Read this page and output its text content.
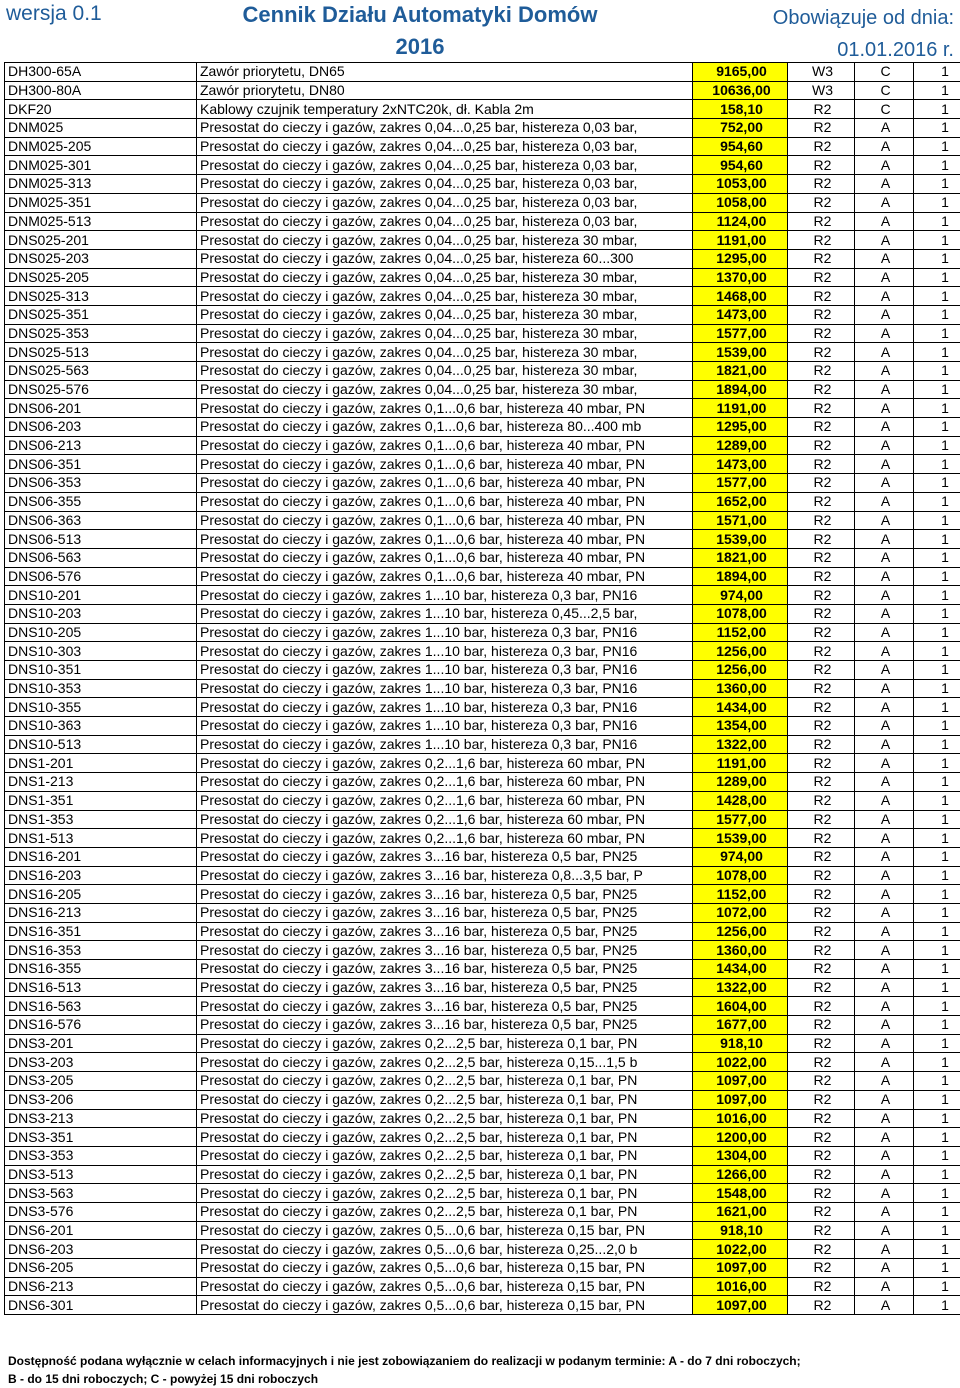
wersja 0.1	Cennik Działu Automatyki Domów
2016
Obowiązuje od dnia:
01.01.2016 r.
DH300-65A	Zawór priorytetu, DN65	9165,00	W3	C	1
DH300-80A	Zawór priorytetu, DN80	10636,00	W3	C	1
DKF20	Kablowy czujnik temperatury 2xNTC20k, dł. Kabla 2m	158,10	R2	C	1
DNM025	Presostat do cieczy i gazów, zakres 0,04...0,25 bar, histereza 0,03 bar,	752,00	R2	A	1
DNM025-205	Presostat do cieczy i gazów, zakres 0,04...0,25 bar, histereza 0,03 bar,	954,60	R2	A	1
DNM025-301	Presostat do cieczy i gazów, zakres 0,04...0,25 bar, histereza 0,03 bar,	954,60	R2	A	1
DNM025-313	Presostat do cieczy i gazów, zakres 0,04...0,25 bar, histereza 0,03 bar,	1053,00	R2	A	1
DNM025-351	Presostat do cieczy i gazów, zakres 0,04...0,25 bar, histereza 0,03 bar,	1058,00	R2	A	1
DNM025-513	Presostat do cieczy i gazów, zakres 0,04...0,25 bar, histereza 0,03 bar,	1124,00	R2	A	1
DNS025-201	Presostat do cieczy i gazów, zakres 0,04...0,25 bar, histereza 30 mbar,	1191,00	R2	A	1
DNS025-203	Presostat do cieczy i gazów, zakres 0,04...0,25 bar, histereza 60...300	1295,00	R2	A	1
DNS025-205	Presostat do cieczy i gazów, zakres 0,04...0,25 bar, histereza 30 mbar,	1370,00	R2	A	1
DNS025-313	Presostat do cieczy i gazów, zakres 0,04...0,25 bar, histereza 30 mbar,	1468,00	R2	A	1
DNS025-351	Presostat do cieczy i gazów, zakres 0,04...0,25 bar, histereza 30 mbar,	1473,00	R2	A	1
DNS025-353	Presostat do cieczy i gazów, zakres 0,04...0,25 bar, histereza 30 mbar,	1577,00	R2	A	1
DNS025-513	Presostat do cieczy i gazów, zakres 0,04...0,25 bar, histereza 30 mbar,	1539,00	R2	A	1
DNS025-563	Presostat do cieczy i gazów, zakres 0,04...0,25 bar, histereza 30 mbar,	1821,00	R2	A	1
DNS025-576	Presostat do cieczy i gazów, zakres 0,04...0,25 bar, histereza 30 mbar,	1894,00	R2	A	1
DNS06-201	Presostat do cieczy i gazów, zakres 0,1...0,6 bar, histereza 40 mbar, PN	1191,00	R2	A	1
DNS06-203	Presostat do cieczy i gazów, zakres 0,1...0,6 bar, histereza 80...400 mb	1295,00	R2	A	1
DNS06-213	Presostat do cieczy i gazów, zakres 0,1...0,6 bar, histereza 40 mbar, PN	1289,00	R2	A	1
DNS06-351	Presostat do cieczy i gazów, zakres 0,1...0,6 bar, histereza 40 mbar, PN	1473,00	R2	A	1
DNS06-353	Presostat do cieczy i gazów, zakres 0,1...0,6 bar, histereza 40 mbar, PN	1577,00	R2	A	1
DNS06-355	Presostat do cieczy i gazów, zakres 0,1...0,6 bar, histereza 40 mbar, PN	1652,00	R2	A	1
DNS06-363	Presostat do cieczy i gazów, zakres 0,1...0,6 bar, histereza 40 mbar, PN	1571,00	R2	A	1
DNS06-513	Presostat do cieczy i gazów, zakres 0,1...0,6 bar, histereza 40 mbar, PN	1539,00	R2	A	1
DNS06-563	Presostat do cieczy i gazów, zakres 0,1...0,6 bar, histereza 40 mbar, PN	1821,00	R2	A	1
DNS06-576	Presostat do cieczy i gazów, zakres 0,1...0,6 bar, histereza 40 mbar, PN	1894,00	R2	A	1
DNS10-201	Presostat do cieczy i gazów, zakres 1...10 bar, histereza 0,3 bar, PN16	974,00	R2	A	1
DNS10-203	Presostat do cieczy i gazów, zakres 1...10 bar, histereza 0,45...2,5 bar,	1078,00	R2	A	1
DNS10-205	Presostat do cieczy i gazów, zakres 1...10 bar, histereza 0,3 bar, PN16	1152,00	R2	A	1
DNS10-303	Presostat do cieczy i gazów, zakres 1...10 bar, histereza 0,3 bar, PN16	1256,00	R2	A	1
DNS10-351	Presostat do cieczy i gazów, zakres 1...10 bar, histereza 0,3 bar, PN16	1256,00	R2	A	1
DNS10-353	Presostat do cieczy i gazów, zakres 1...10 bar, histereza 0,3 bar, PN16	1360,00	R2	A	1
DNS10-355	Presostat do cieczy i gazów, zakres 1...10 bar, histereza 0,3 bar, PN16	1434,00	R2	A	1
DNS10-363	Presostat do cieczy i gazów, zakres 1...10 bar, histereza 0,3 bar, PN16	1354,00	R2	A	1
DNS10-513	Presostat do cieczy i gazów, zakres 1...10 bar, histereza 0,3 bar, PN16	1322,00	R2	A	1
DNS1-201	Presostat do cieczy i gazów, zakres 0,2...1,6 bar, histereza 60 mbar, PN	1191,00	R2	A	1
DNS1-213	Presostat do cieczy i gazów, zakres 0,2...1,6 bar, histereza 60 mbar, PN	1289,00	R2	A	1
DNS1-351	Presostat do cieczy i gazów, zakres 0,2...1,6 bar, histereza 60 mbar, PN	1428,00	R2	A	1
DNS1-353	Presostat do cieczy i gazów, zakres 0,2...1,6 bar, histereza 60 mbar, PN	1577,00	R2	A	1
DNS1-513	Presostat do cieczy i gazów, zakres 0,2...1,6 bar, histereza 60 mbar, PN	1539,00	R2	A	1
DNS16-201	Presostat do cieczy i gazów, zakres 3...16 bar, histereza 0,5 bar, PN25	974,00	R2	A	1
DNS16-203	Presostat do cieczy i gazów, zakres 3...16 bar, histereza 0,8...3,5 bar, P	1078,00	R2	A	1
DNS16-205	Presostat do cieczy i gazów, zakres 3...16 bar, histereza 0,5 bar, PN25	1152,00	R2	A	1
DNS16-213	Presostat do cieczy i gazów, zakres 3...16 bar, histereza 0,5 bar, PN25	1072,00	R2	A	1
DNS16-351	Presostat do cieczy i gazów, zakres 3...16 bar, histereza 0,5 bar, PN25	1256,00	R2	A	1
DNS16-353	Presostat do cieczy i gazów, zakres 3...16 bar, histereza 0,5 bar, PN25	1360,00	R2	A	1
DNS16-355	Presostat do cieczy i gazów, zakres 3...16 bar, histereza 0,5 bar, PN25	1434,00	R2	A	1
DNS16-513	Presostat do cieczy i gazów, zakres 3...16 bar, histereza 0,5 bar, PN25	1322,00	R2	A	1
DNS16-563	Presostat do cieczy i gazów, zakres 3...16 bar, histereza 0,5 bar, PN25	1604,00	R2	A	1
DNS16-576	Presostat do cieczy i gazów, zakres 3...16 bar, histereza 0,5 bar, PN25	1677,00	R2	A	1
DNS3-201	Presostat do cieczy i gazów, zakres 0,2...2,5 bar, histereza 0,1 bar, PN	918,10	R2	A	1
DNS3-203	Presostat do cieczy i gazów, zakres 0,2...2,5 bar, histereza 0,15...1,5 b	1022,00	R2	A	1
DNS3-205	Presostat do cieczy i gazów, zakres 0,2...2,5 bar, histereza 0,1 bar, PN	1097,00	R2	A	1
DNS3-206	Presostat do cieczy i gazów, zakres 0,2...2,5 bar, histereza 0,1 bar, PN	1097,00	R2	A	1
DNS3-213	Presostat do cieczy i gazów, zakres 0,2...2,5 bar, histereza 0,1 bar, PN	1016,00	R2	A	1
DNS3-351	Presostat do cieczy i gazów, zakres 0,2...2,5 bar, histereza 0,1 bar, PN	1200,00	R2	A	1
DNS3-353	Presostat do cieczy i gazów, zakres 0,2...2,5 bar, histereza 0,1 bar, PN	1304,00	R2	A	1
DNS3-513	Presostat do cieczy i gazów, zakres 0,2...2,5 bar, histereza 0,1 bar, PN	1266,00	R2	A	1
DNS3-563	Presostat do cieczy i gazów, zakres 0,2...2,5 bar, histereza 0,1 bar, PN	1548,00	R2	A	1
DNS3-576	Presostat do cieczy i gazów, zakres 0,2...2,5 bar, histereza 0,1 bar, PN	1621,00	R2	A	1
DNS6-201	Presostat do cieczy i gazów, zakres 0,5...0,6 bar, histereza 0,15 bar, PN	918,10	R2	A	1
DNS6-203	Presostat do cieczy i gazów, zakres 0,5...0,6 bar, histereza 0,25...2,0 b	1022,00	R2	A	1
DNS6-205	Presostat do cieczy i gazów, zakres 0,5...0,6 bar, histereza 0,15 bar, PN	1097,00	R2	A	1
DNS6-213	Presostat do cieczy i gazów, zakres 0,5...0,6 bar, histereza 0,15 bar, PN	1016,00	R2	A	1
DNS6-301	Presostat do cieczy i gazów, zakres 0,5...0,6 bar, histereza 0,15 bar, PN	1097,00	R2	A	1
Dostępność podana wyłącznie w celach informacyjnych i nie jest zobowiązaniem do realizacji w podanym terminie: A - do 7 dni roboczych;
B - do 15 dni roboczych; C - powyżej 15 dni roboczych
